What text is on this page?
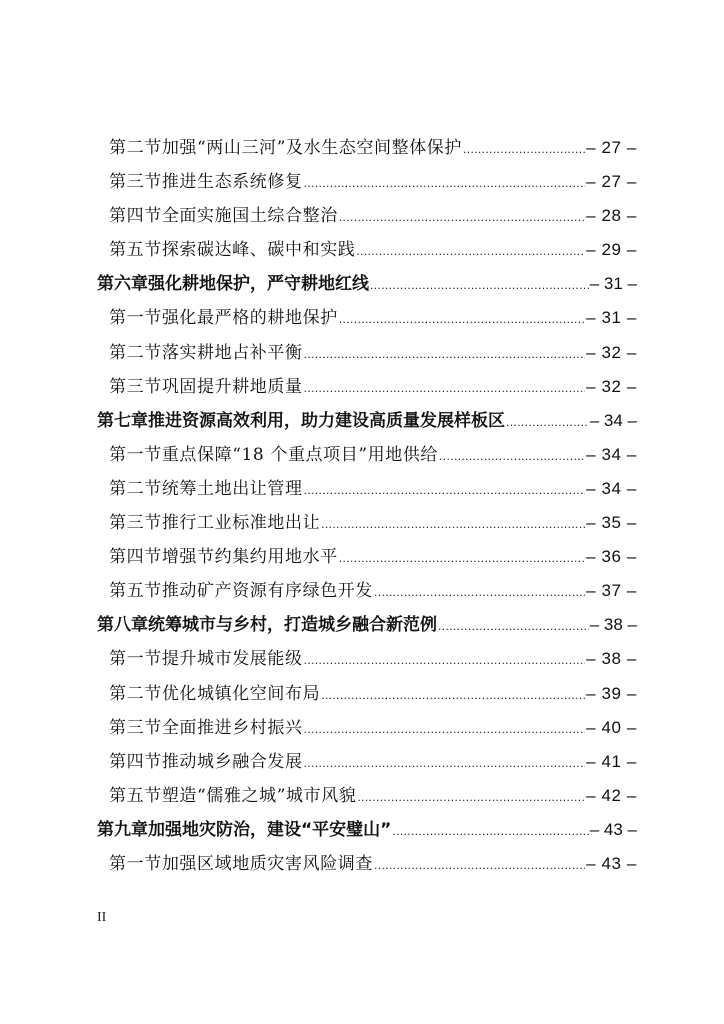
第二节 加强“两山三河”及水生态空间整体保护 .....	– 27 –
第三节 推进生态系统修复 .....	– 27 –
第四节 全面实施国土综合整治 .....	– 28 –
第五节 探索碳达峰、碳中和实践 .....	– 29 –
第六章 强化耕地保护，严守耕地红线 .....	– 31 –
第一节 强化最严格的耕地保护 .....	– 31 –
第二节 落实耕地占补平衡 .....	– 32 –
第三节 巩固提升耕地质量 .....	– 32 –
第七章 推进资源高效利用，助力建设高质量发展样板区 .....	– 34 –
第一节 重点保障“18 个重点项目”用地供给 .....	– 34 –
第二节 统筹土地出让管理 .....	– 34 –
第三节 推行工业标准地出让 .....	– 35 –
第四节 增强节约集约用地水平 .....	– 36 –
第五节 推动矿产资源有序绿色开发 .....	– 37 –
第八章 统筹城市与乡村，打造城乡融合新范例 .....	– 38 –
第一节 提升城市发展能级 .....	– 38 –
第二节 优化城镇化空间布局 .....	– 39 –
第三节 全面推进乡村振兴 .....	– 40 –
第四节 推动城乡融合发展 .....	– 41 –
第五节 塑造“儒雅之城”城市风貌 .....	– 42 –
第九章 加强地灾防治，建设“平安璧山” .....	– 43 –
第一节 加强区域地质灾害风险调查 .....	– 43 –
II
